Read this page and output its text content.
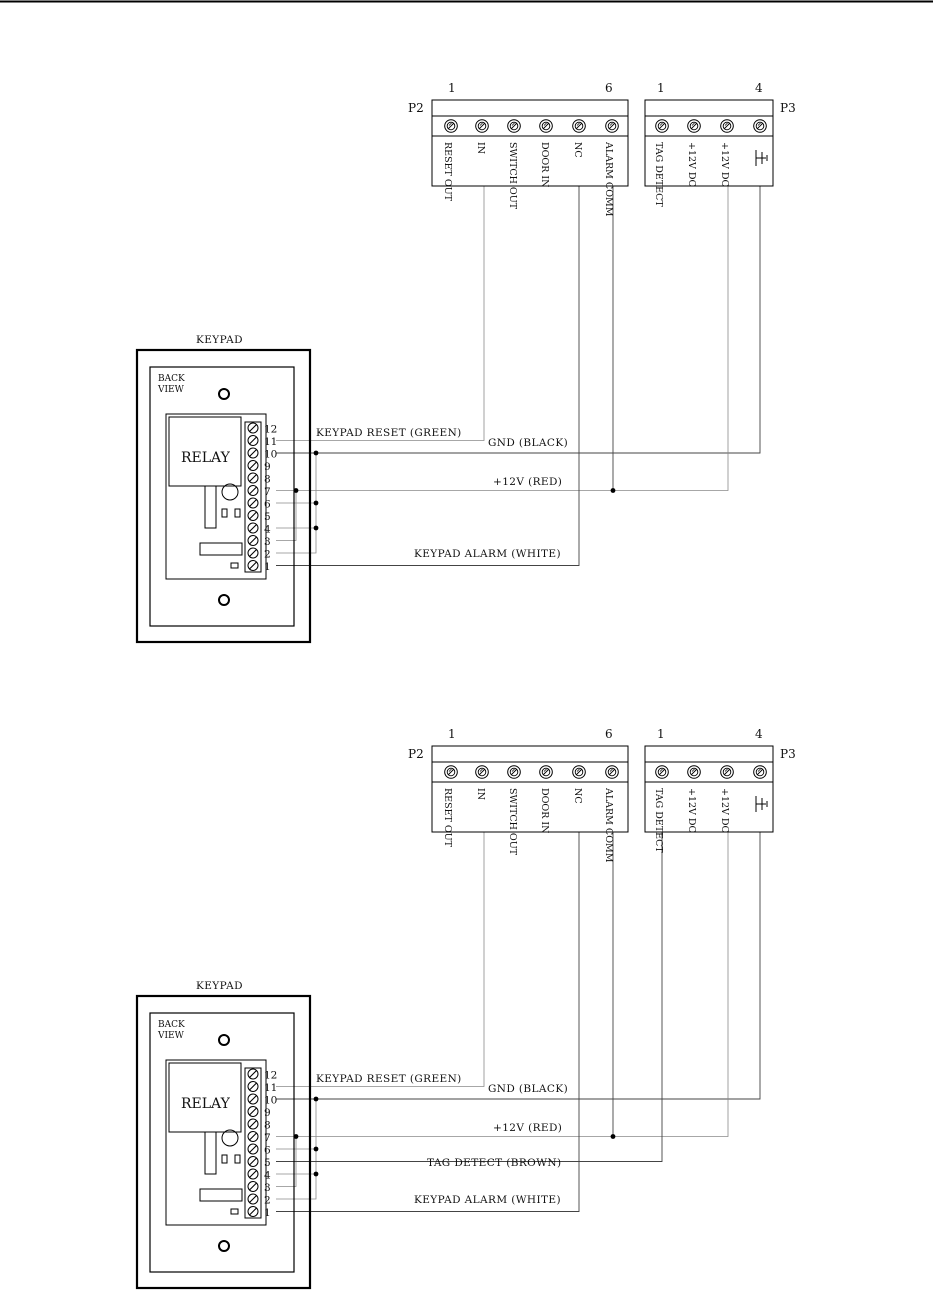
KEYPAD RESET (GREEN)
GND (BLACK)
+12V (RED)
KEYPAD ALARM (WHITE)
P2
1	6
RESET OUT IN SWITCH OUT DOOR IN NC ALARM COMM
P3
1	4
TAG DETECT +12V DC +12V DC
KEYPAD
BACK
VIEW
RELAY
12
11
10
9
8
7
6
5
4
3
2
1
KEYPAD RESET (GREEN)
GND (BLACK)
+12V (RED)
KEYPAD ALARM (WHITE)
TAG DETECT (BROWN)
P2
1	6
RESET OUT IN SWITCH OUT DOOR IN NC ALARM COMM
P3
1	4
TAG DETECT +12V DC +12V DC
KEYPAD
BACK
VIEW
RELAY
12
11
10
9
8
7
6
5
4
3
2
1
